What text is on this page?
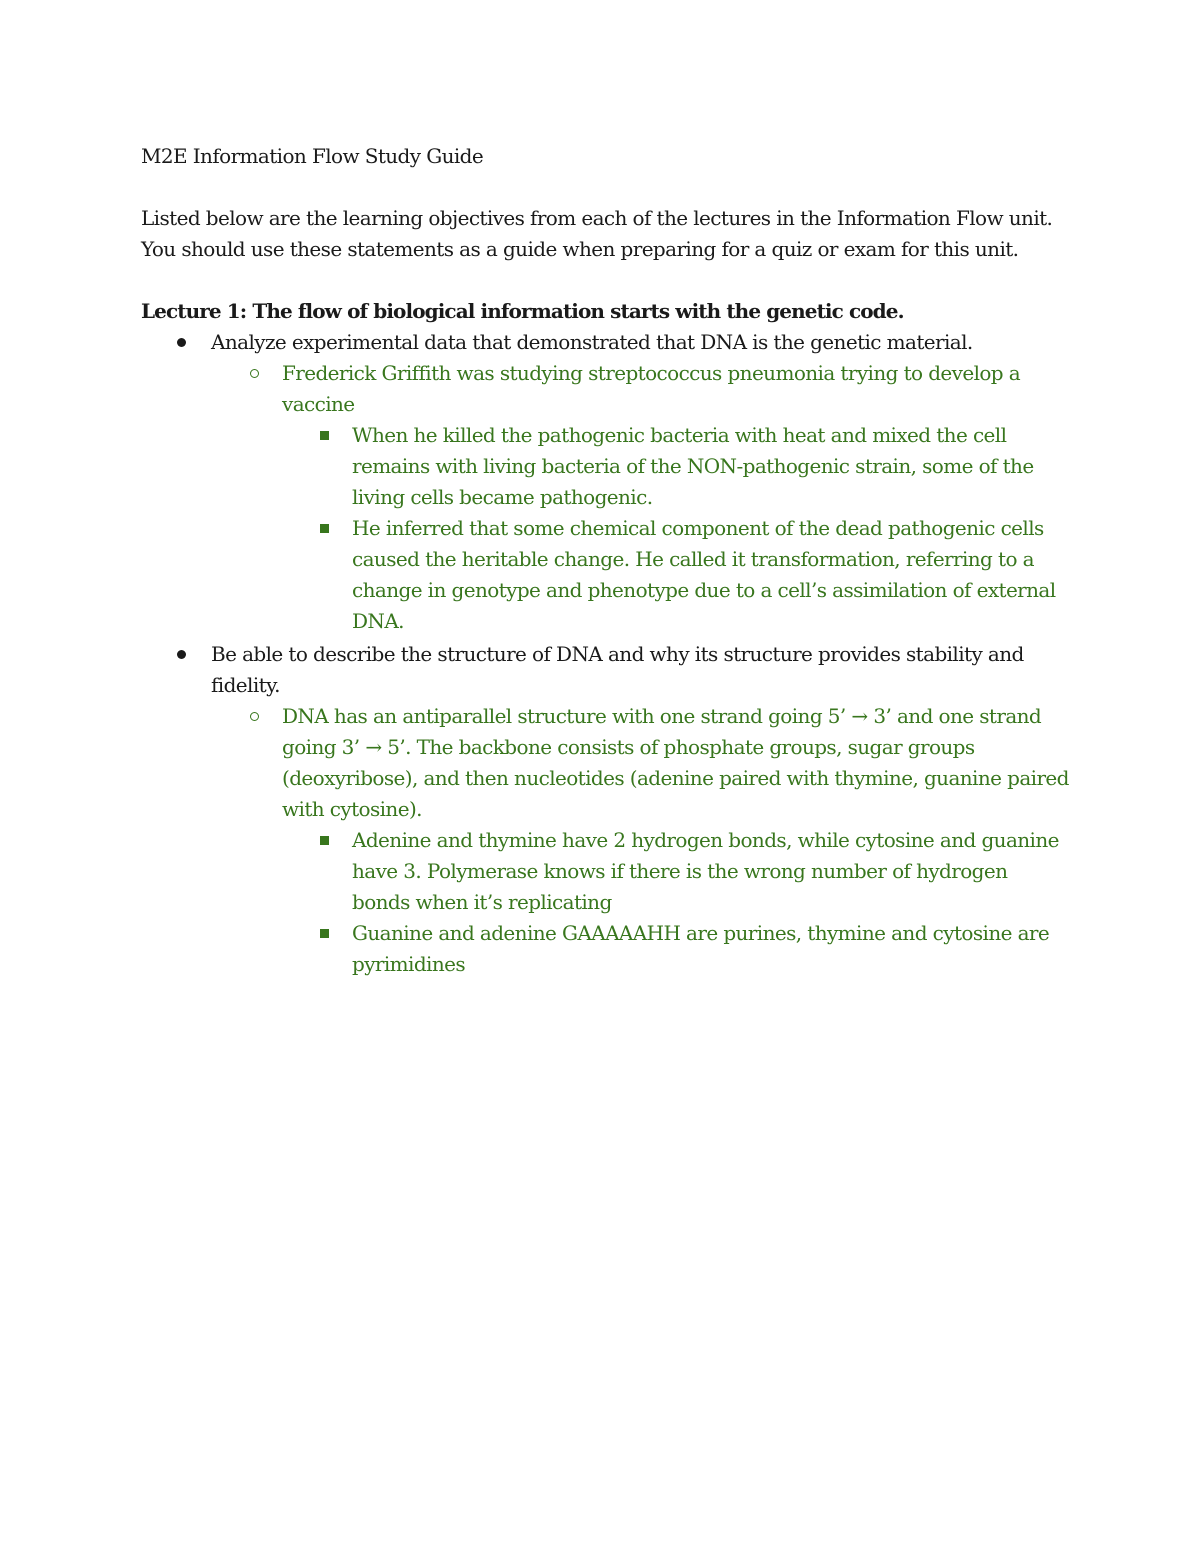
M2E Information Flow Study Guide
Listed below are the learning objectives from each of the lectures in the Information Flow unit.
You should use these statements as a guide when preparing for a quiz or exam for this unit.
Lecture 1: The flow of biological information starts with the genetic code.
Analyze experimental data that demonstrated that DNA is the genetic material.
Frederick Griffith was studying streptococcus pneumonia trying to develop a
vaccine
When he killed the pathogenic bacteria with heat and mixed the cell
remains with living bacteria of the NON-pathogenic strain, some of the
living cells became pathogenic.
He inferred that some chemical component of the dead pathogenic cells
caused the heritable change. He called it transformation, referring to a
change in genotype and phenotype due to a cell’s assimilation of external
DNA.
Be able to describe the structure of DNA and why its structure provides stability and
fidelity.
DNA has an antiparallel structure with one strand going 5’ → 3’ and one strand
going 3’ → 5’. The backbone consists of phosphate groups, sugar groups
(deoxyribose), and then nucleotides (adenine paired with thymine, guanine paired
with cytosine).
Adenine and thymine have 2 hydrogen bonds, while cytosine and guanine
have 3. Polymerase knows if there is the wrong number of hydrogen
bonds when it’s replicating
Guanine and adenine GAAAAAHH are purines, thymine and cytosine are
pyrimidines
